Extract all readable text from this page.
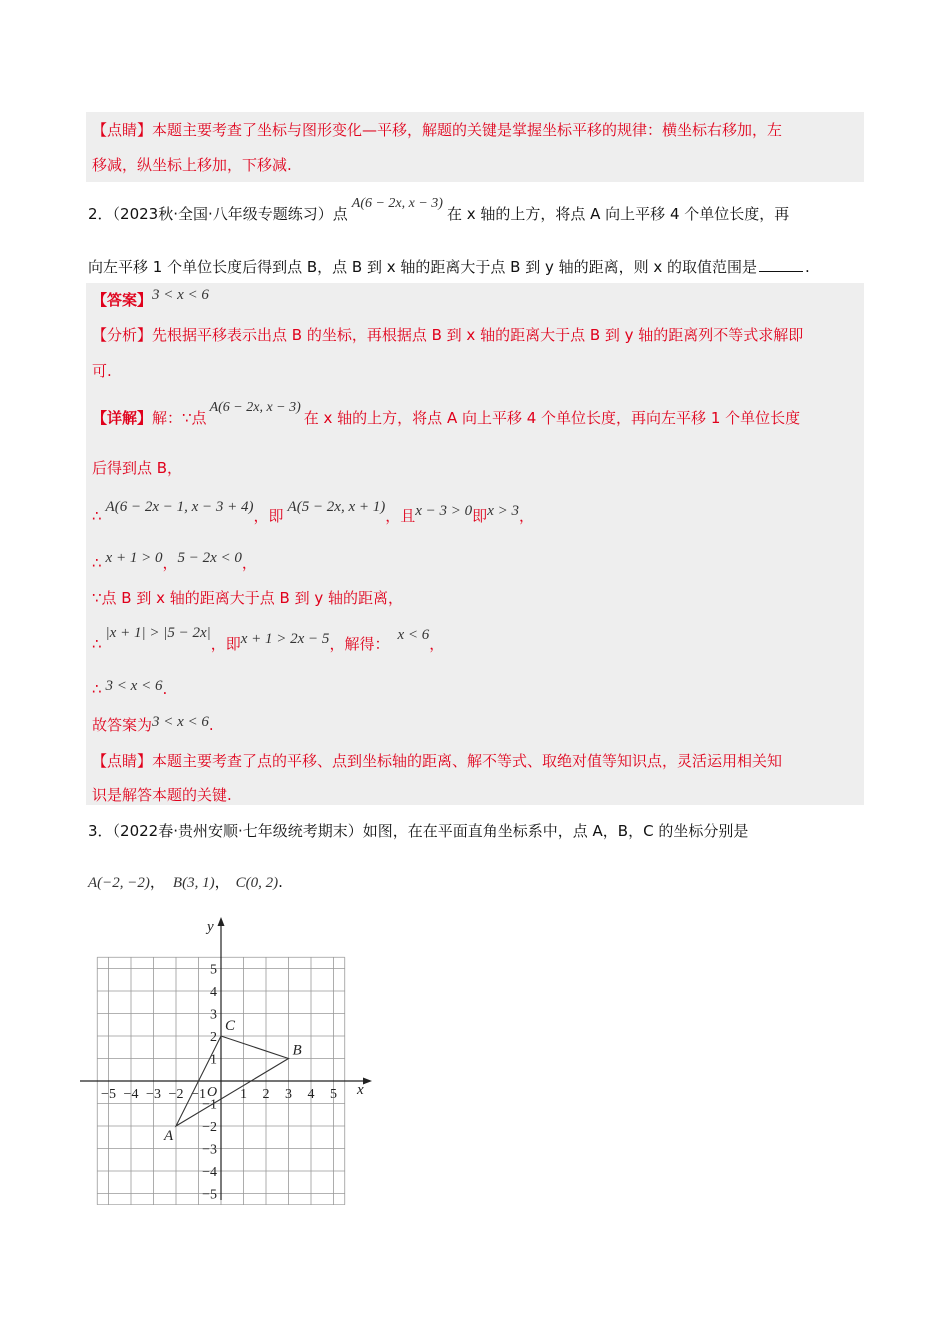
【点睛】本题主要考查了坐标与图形变化—平移，解题的关键是掌握坐标平移的规律：横坐标右移加，左
移减，纵坐标上移加，下移减.
2．（2023秋·全国·八年级专题练习）点A(6 − 2x, x − 3)在 x 轴的上方，将点 A 向上平移 4 个单位长度，再
向左平移 1 个单位长度后得到点 B，点 B 到 x 轴的距离大于点 B 到 y 轴的距离，则 x 的取值范围是	.
【答案】3 < x < 6
【分析】先根据平移表示出点 B 的坐标，再根据点 B 到 x 轴的距离大于点 B 到 y 轴的距离列不等式求解即
可.
【详解】解：∵点A(6 − 2x, x − 3)在 x 轴的上方，将点 A 向上平移 4 个单位长度，再向左平移 1 个单位长度
后得到点 B，
∴ A(6 − 2x − 1, x − 3 + 4)，即 A(5 − 2x, x + 1)，且x − 3 > 0即x > 3，
∴ x + 1 > 0，5 − 2x < 0，
∵点 B 到 x 轴的距离大于点 B 到 y 轴的距离，
∴|x + 1| > |5 − 2x|，即x + 1 > 2x − 5，解得： x < 6，
∴ 3 < x < 6.
故答案为3 < x < 6.
【点睛】本题主要考查了点的平移、点到坐标轴的距离、解不等式、取绝对值等知识点，灵活运用相关知
识是解答本题的关键.
3．（2022春·贵州安顺·七年级统考期末）如图，在在平面直角坐标系中，点 A，B，C 的坐标分别是
A(−2, −2)， B(3, 1)， C(0, 2).
x
y
O
−5 −4 −3 −2 −1 1 2 3 4 5
5
4
3
2
1
−1
−2
−3
−4
−5
A
B
C
